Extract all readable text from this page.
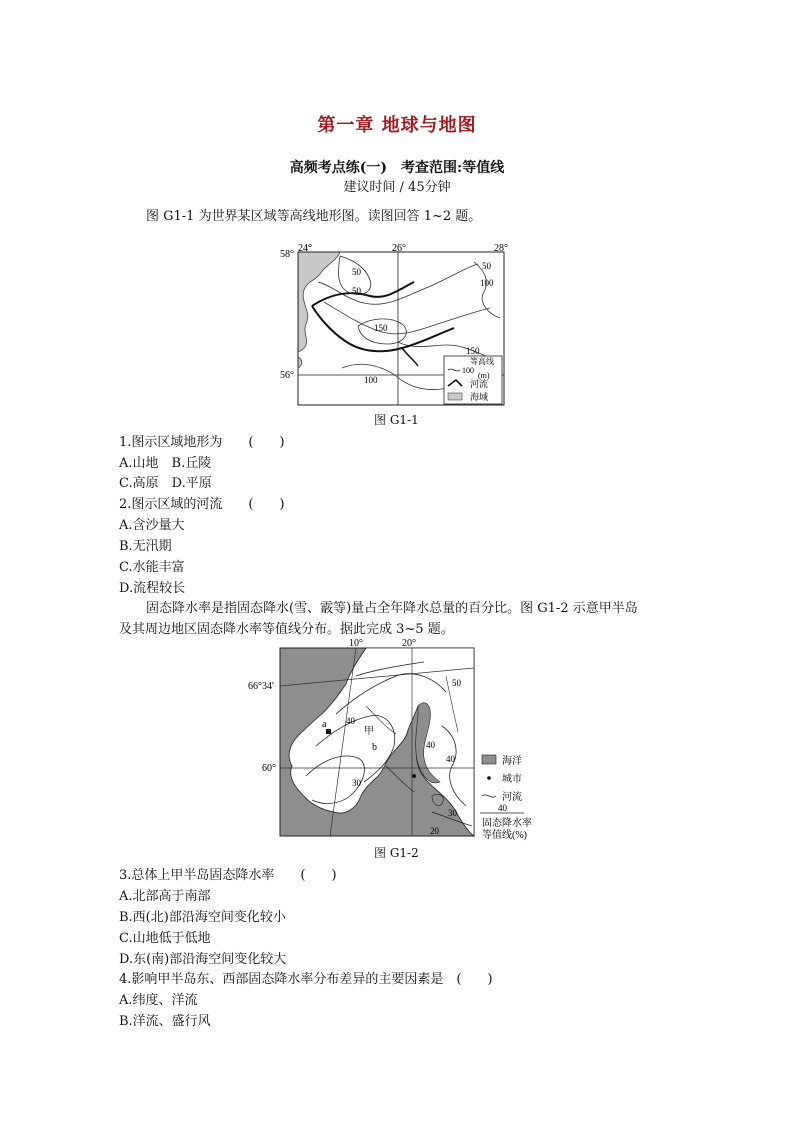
第一章 地球与地图
高频考点练(一)　考查范围:等值线
建议时间 / 45分钟
图 G1-1 为世界某区域等高线地形图。读图回答 1~2 题。
58°
56°
24°	26°	28°
50
50
50
100
150
100
150
等高线
100
(m)
河流
海域
图 G1-1
1.图示区域地形为　　(　　)
A.山地　B.丘陵
C.高原　D.平原
2.图示区域的河流　　(　　)
A.含沙量大
B.无汛期
C.水能丰富
D.流程较长
固态降水率是指固态降水(雪、霰等)量占全年降水总量的百分比。图 G1-2 示意甲半岛
及其周边地区固态降水率等值线分布。据此完成 3~5 题。
10°	20°
66°34′
60°
a
甲
b
50
40
40
30
40
30
20
海洋
城市
河流
40
固态降水率
等值线(%)
图 G1-2
3.总体上甲半岛固态降水率　　(　　)
A.北部高于南部
B.西(北)部沿海空间变化较小
C.山地低于低地
D.东(南)部沿海空间变化较大
4.影响甲半岛东、西部固态降水率分布差异的主要因素是　(　　)
A.纬度、洋流
B.洋流、盛行风
